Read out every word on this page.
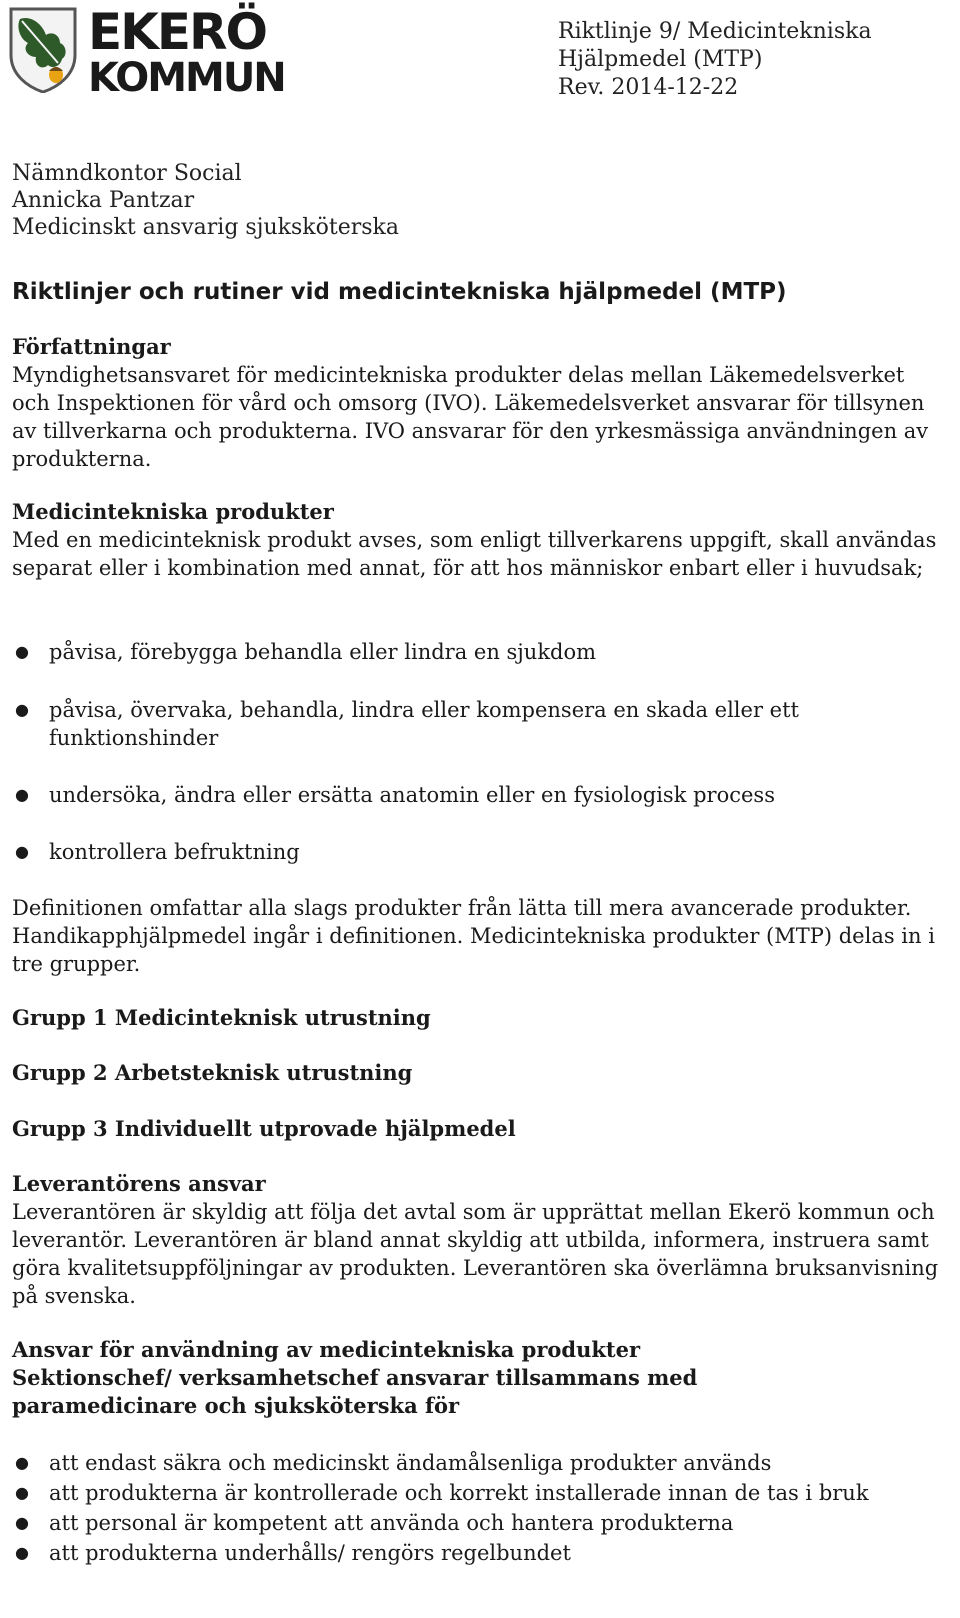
EKERÖ
KOMMUN
Riktlinje 9/ Medicintekniska
Hjälpmedel (MTP)
Rev. 2014-12-22
Nämndkontor Social
Annicka Pantzar
Medicinskt ansvarig sjuksköterska
Riktlinjer och rutiner vid medicintekniska hjälpmedel (MTP)
Författningar
Myndighetsansvaret för medicintekniska produkter delas mellan Läkemedelsverket och Inspektionen för vård och omsorg (IVO). Läkemedelsverket ansvarar för tillsynen av tillverkarna och produkterna. IVO ansvarar för den yrkesmässiga användningen av produkterna.
Medicintekniska produkter
Med en medicinteknisk produkt avses, som enligt tillverkarens uppgift, skall användas separat eller i kombination med annat, för att hos människor enbart eller i huvudsak;
● påvisa, förebygga behandla eller lindra en sjukdom
● påvisa, övervaka, behandla, lindra eller kompensera en skada eller ett funktionshinder
● undersöka, ändra eller ersätta anatomin eller en fysiologisk process
● kontrollera befruktning
Definitionen omfattar alla slags produkter från lätta till mera avancerade produkter. Handikapphjälpmedel ingår i definitionen. Medicintekniska produkter (MTP) delas in i tre grupper.
Grupp 1 Medicinteknisk utrustning
Grupp 2 Arbetsteknisk utrustning
Grupp 3 Individuellt utprovade hjälpmedel
Leverantörens ansvar
Leverantören är skyldig att följa det avtal som är upprättat mellan Ekerö kommun och leverantör. Leverantören är bland annat skyldig att utbilda, informera, instruera samt göra kvalitetsuppföljningar av produkten. Leverantören ska överlämna bruksanvisning på svenska.
Ansvar för användning av medicintekniska produkter
Sektionschef/ verksamhetschef ansvarar tillsammans med
paramedicinare och sjuksköterska för
● att endast säkra och medicinskt ändamålsenliga produkter används
● att produkterna är kontrollerade och korrekt installerade innan de tas i bruk
● att personal är kompetent att använda och hantera produkterna
● att produkterna underhålls/ rengörs regelbundet
